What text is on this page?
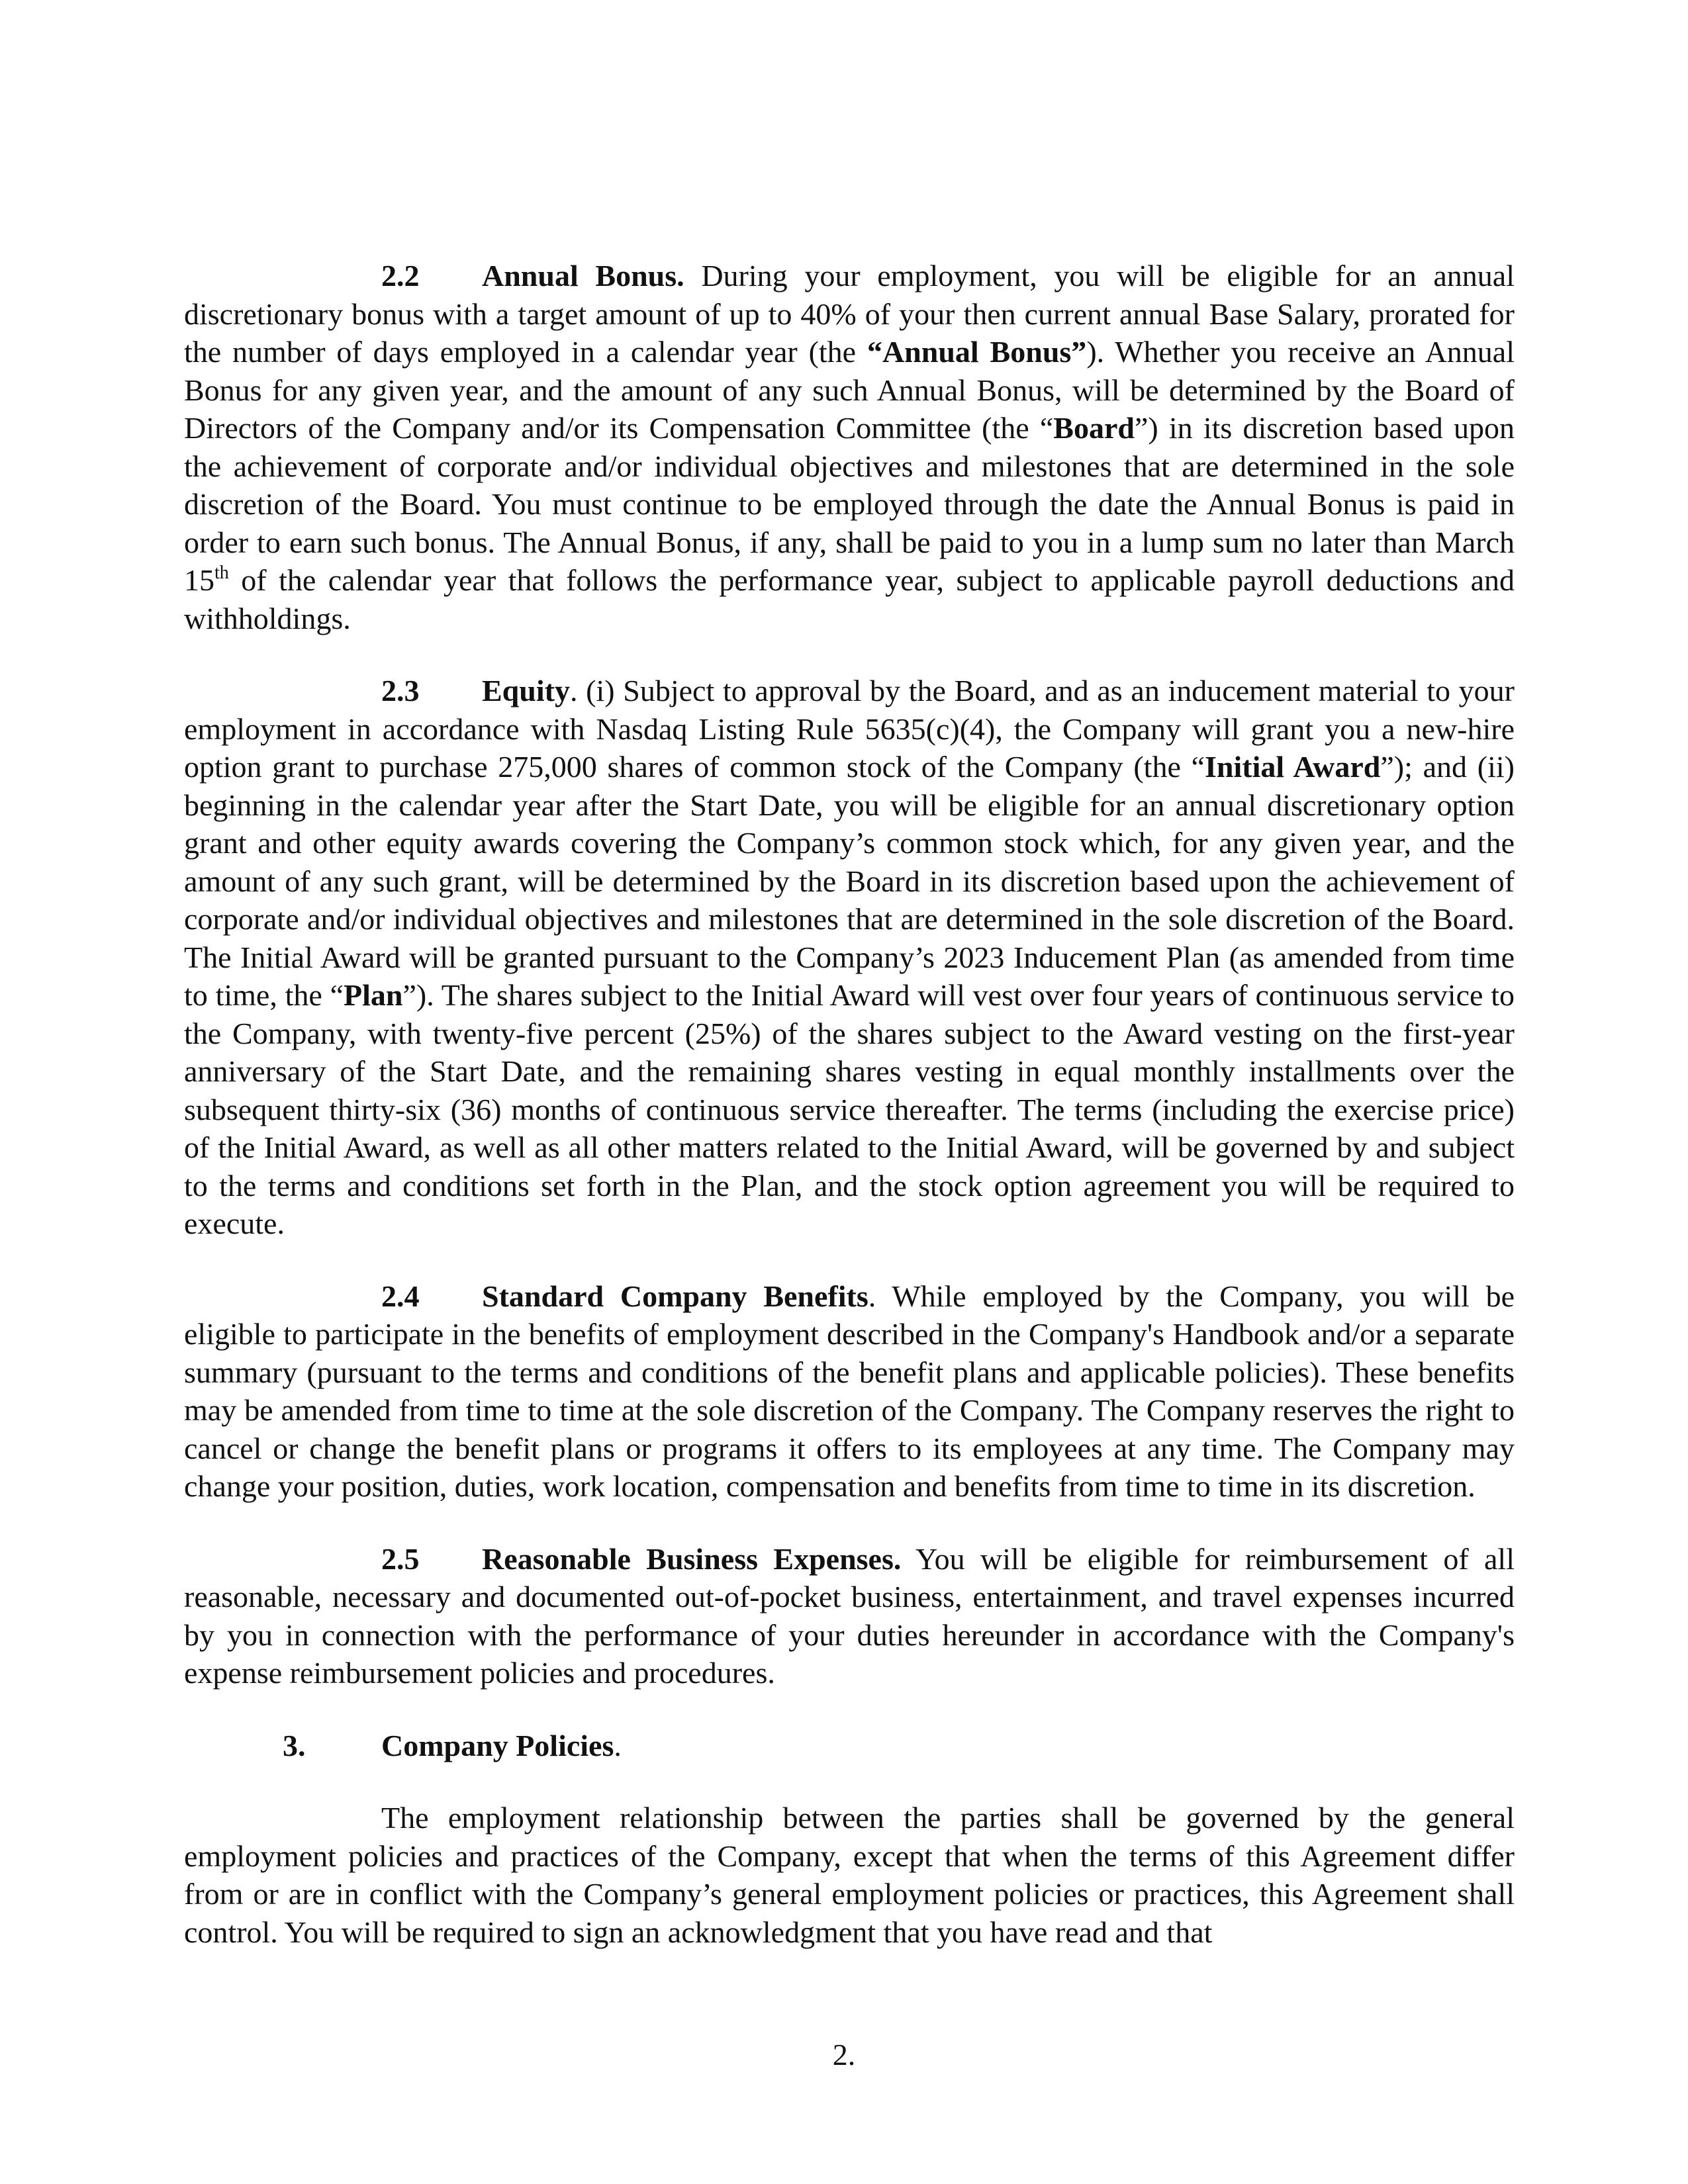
2.2 Annual Bonus. During your employment, you will be eligible for an annual discretionary bonus with a target amount of up to 40% of your then current annual Base Salary, prorated for the number of days employed in a calendar year (the “Annual Bonus”). Whether you receive an Annual Bonus for any given year, and the amount of any such Annual Bonus, will be determined by the Board of Directors of the Company and/or its Compensation Committee (the “Board”) in its discretion based upon the achievement of corporate and/or individual objectives and milestones that are determined in the sole discretion of the Board. You must continue to be employed through the date the Annual Bonus is paid in order to earn such bonus. The Annual Bonus, if any, shall be paid to you in a lump sum no later than March 15th of the calendar year that follows the performance year, subject to applicable payroll deductions and withholdings.

2.3 Equity. (i) Subject to approval by the Board, and as an inducement material to your employment in accordance with Nasdaq Listing Rule 5635(c)(4), the Company will grant you a new-hire option grant to purchase 275,000 shares of common stock of the Company (the “Initial Award”); and (ii) beginning in the calendar year after the Start Date, you will be eligible for an annual discretionary option grant and other equity awards covering the Company’s common stock which, for any given year, and the amount of any such grant, will be determined by the Board in its discretion based upon the achievement of corporate and/or individual objectives and milestones that are determined in the sole discretion of the Board. The Initial Award will be granted pursuant to the Company’s 2023 Inducement Plan (as amended from time to time, the “Plan”). The shares subject to the Initial Award will vest over four years of continuous service to the Company, with twenty-five percent (25%) of the shares subject to the Award vesting on the first-year anniversary of the Start Date, and the remaining shares vesting in equal monthly installments over the subsequent thirty-six (36) months of continuous service thereafter. The terms (including the exercise price) of the Initial Award, as well as all other matters related to the Initial Award, will be governed by and subject to the terms and conditions set forth in the Plan, and the stock option agreement you will be required to execute.

2.4 Standard Company Benefits. While employed by the Company, you will be eligible to participate in the benefits of employment described in the Company's Handbook and/or a separate summary (pursuant to the terms and conditions of the benefit plans and applicable policies). These benefits may be amended from time to time at the sole discretion of the Company. The Company reserves the right to cancel or change the benefit plans or programs it offers to its employees at any time. The Company may change your position, duties, work location, compensation and benefits from time to time in its discretion.

2.5 Reasonable Business Expenses. You will be eligible for reimbursement of all reasonable, necessary and documented out-of-pocket business, entertainment, and travel expenses incurred by you in connection with the performance of your duties hereunder in accordance with the Company's expense reimbursement policies and procedures.

3. Company Policies.

The employment relationship between the parties shall be governed by the general employment policies and practices of the Company, except that when the terms of this Agreement differ from or are in conflict with the Company’s general employment policies or practices, this Agreement shall control. You will be required to sign an acknowledgment that you have read and that

2.
